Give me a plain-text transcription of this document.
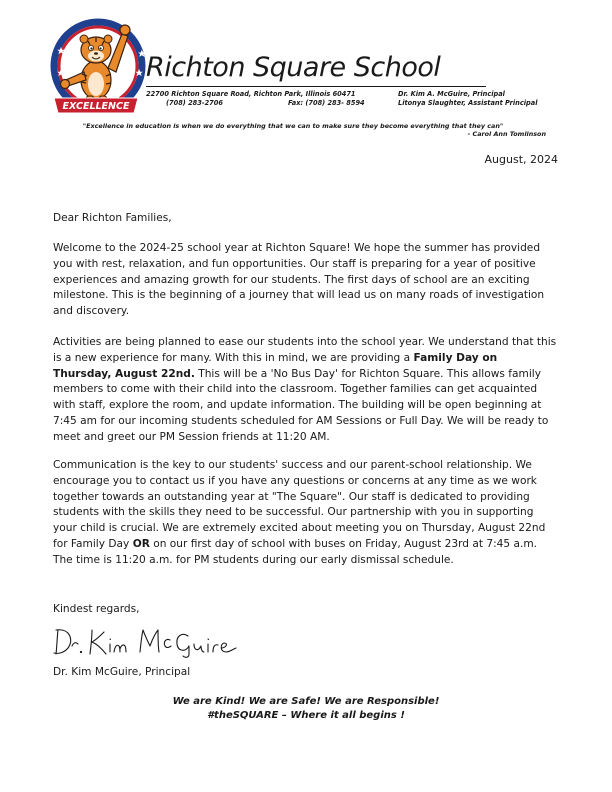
EXCELLENCE
Richton Square School
22700 Richton Square Road, Richton Park, Illinois 60471
(708) 283-2706	Fax: (708) 283- 8594
Dr. Kim A. McGuire, Principal
Litonya Slaughter, Assistant Principal
"Excellence in education is when we do everything that we can to make sure they become everything that they can"
- Carol Ann Tomlinson
August, 2024
Dear Richton Families,

Welcome to the 2024-25 school year at Richton Square! We hope the summer has provided you with rest, relaxation, and fun opportunities. Our staff is preparing for a year of positive experiences and amazing growth for our students. The first days of school are an exciting milestone. This is the beginning of a journey that will lead us on many roads of investigation and discovery.

Activities are being planned to ease our students into the school year. We understand that this is a new experience for many. With this in mind, we are providing a Family Day on Thursday, August 22nd. This will be a 'No Bus Day' for Richton Square. This allows family members to come with their child into the classroom. Together families can get acquainted with staff, explore the room, and update information. The building will be open beginning at 7:45 am for our incoming students scheduled for AM Sessions or Full Day. We will be ready to meet and greet our PM Session friends at 11:20 AM.

Communication is the key to our students' success and our parent-school relationship. We encourage you to contact us if you have any questions or concerns at any time as we work together towards an outstanding year at "The Square". Our staff is dedicated to providing students with the skills they need to be successful. Our partnership with you in supporting your child is crucial. We are extremely excited about meeting you on Thursday, August 22nd for Family Day OR on our first day of school with buses on Friday, August 23rd at 7:45 a.m. The time is 11:20 a.m. for PM students during our early dismissal schedule.

Kindest regards,
Dr. Kim McGuire, Principal
We are Kind! We are Safe! We are Responsible!
#theSQUARE – Where it all begins !
